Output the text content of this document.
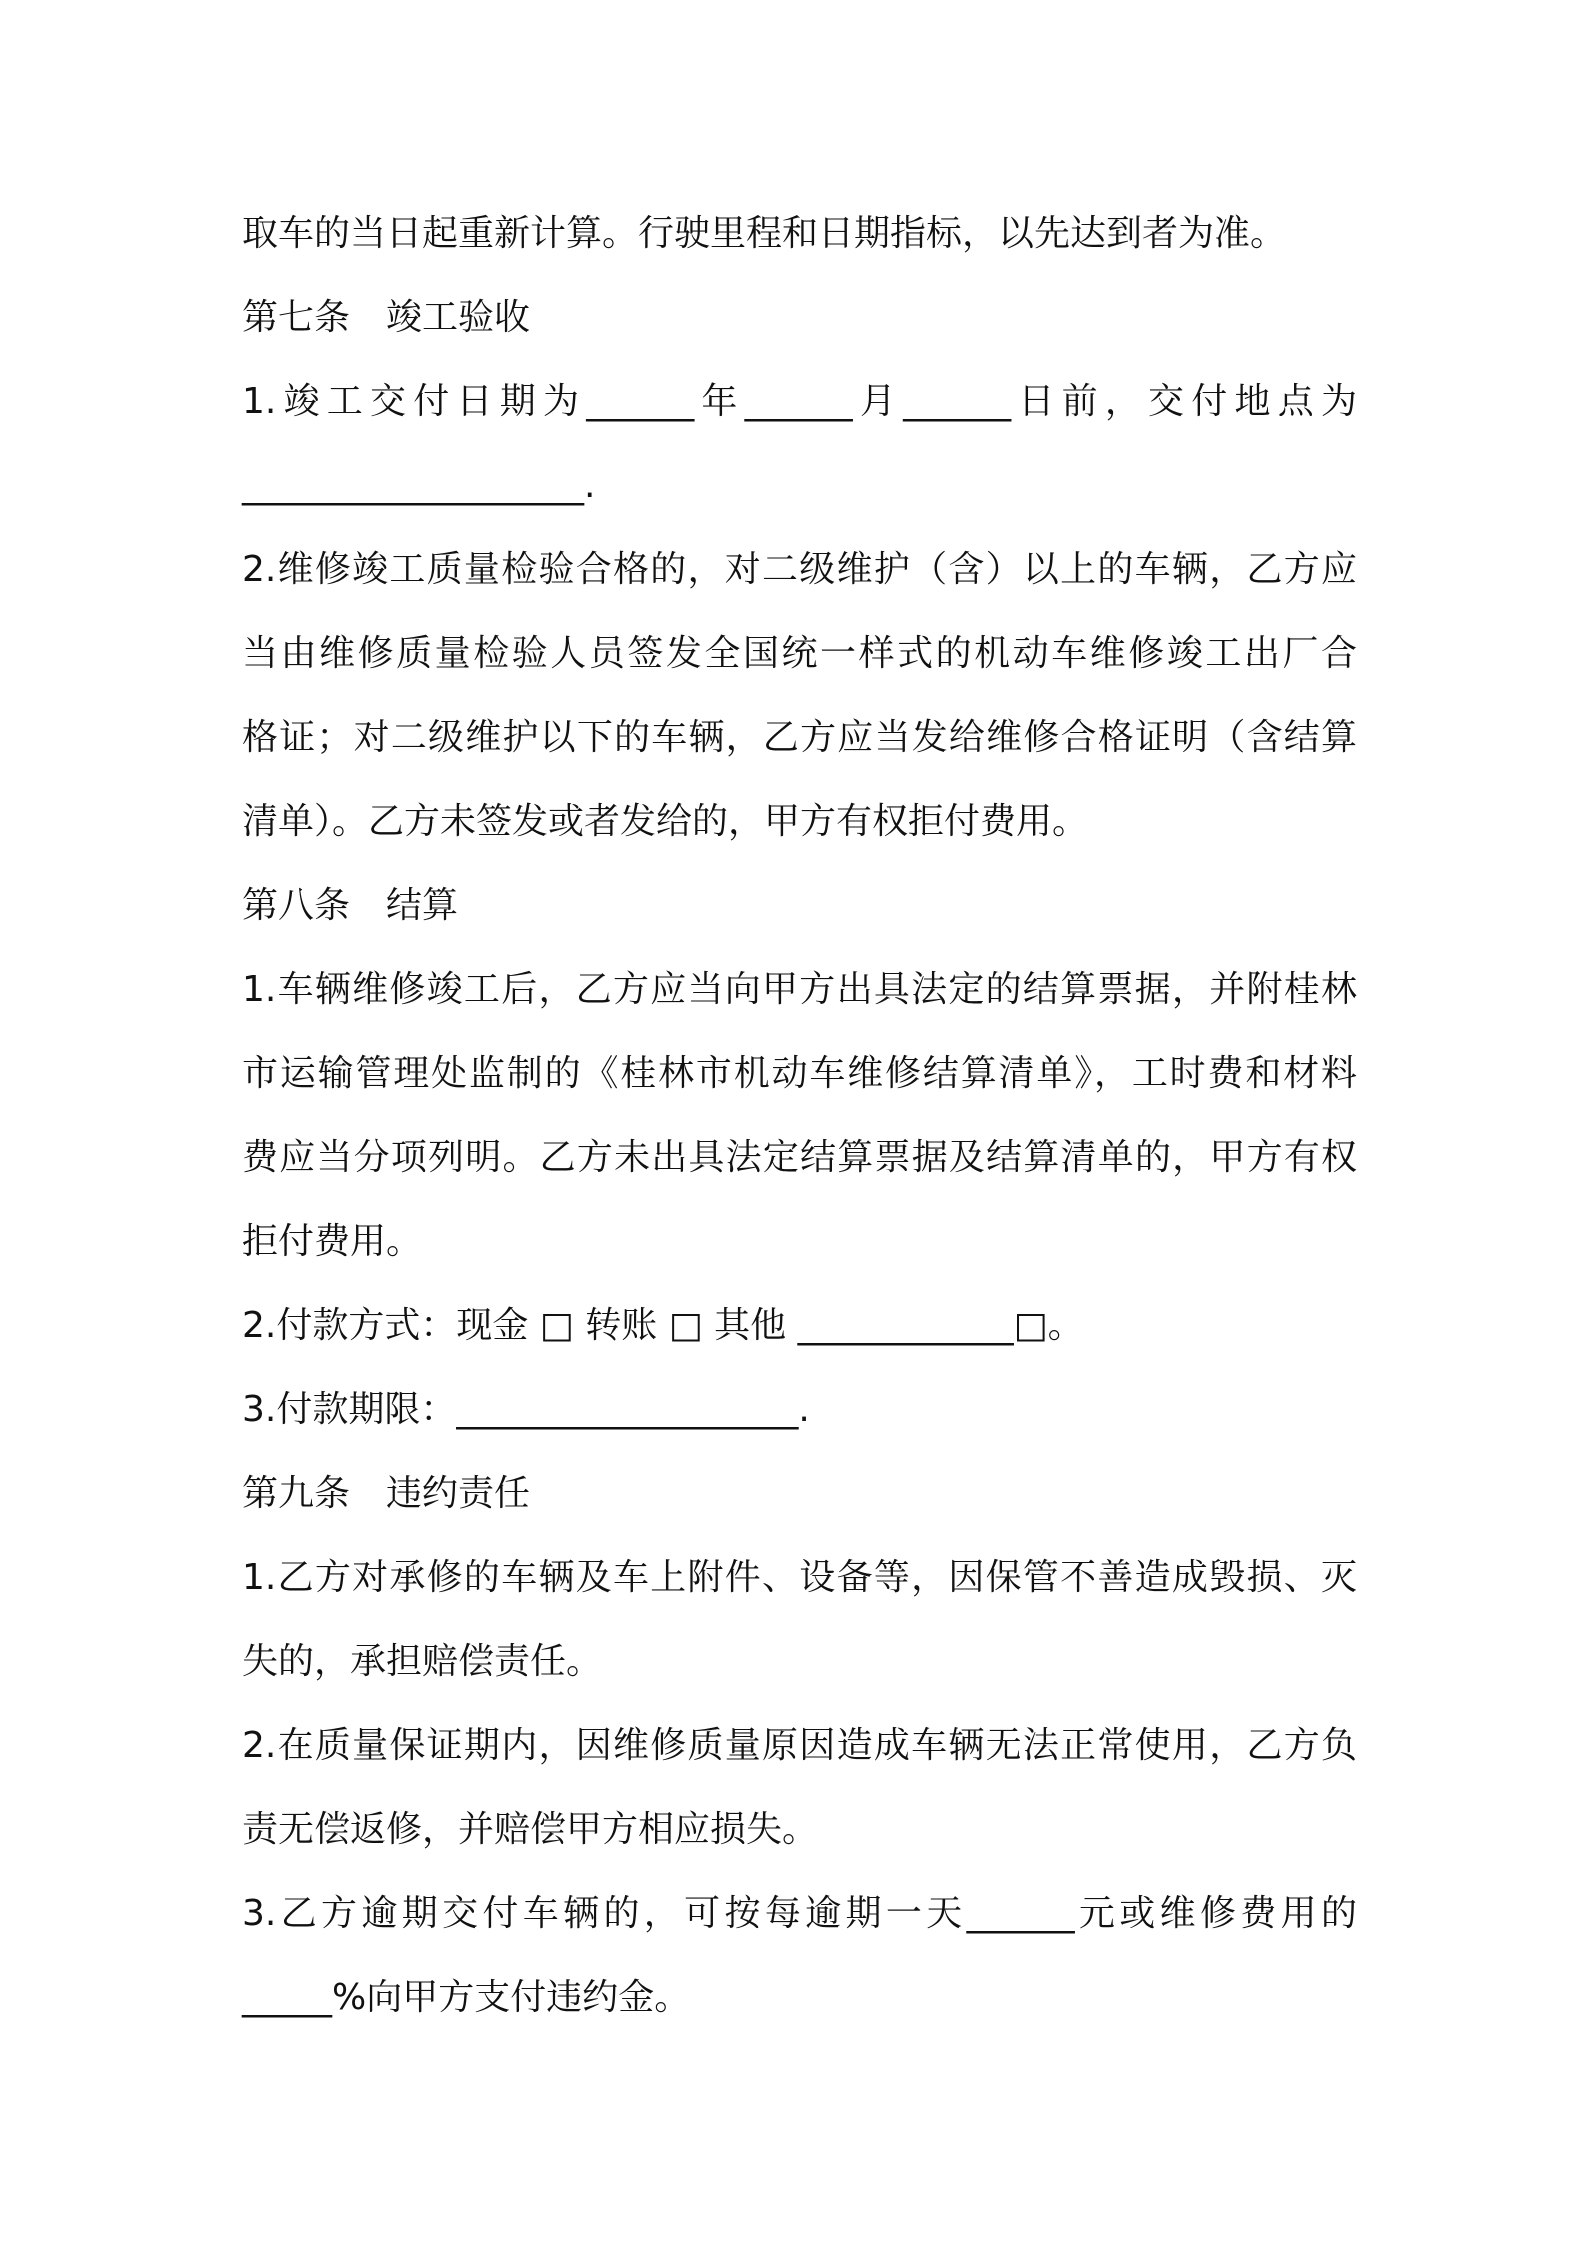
取车的当日起重新计算。行驶里程和日期指标，以先达到者为准。
第七条　竣工验收
1.竣工交付日期为______年______月______日前，交付地点为
___________________.
2.维修竣工质量检验合格的，对二级维护（含）以上的车辆，乙方应
当由维修质量检验人员签发全国统一样式的机动车维修竣工出厂合
格证；对二级维护以下的车辆，乙方应当发给维修合格证明（含结算
清单）。乙方未签发或者发给的，甲方有权拒付费用。
第八条　结算
1.车辆维修竣工后，乙方应当向甲方出具法定的结算票据，并附桂林
市运输管理处监制的《桂林市机动车维修结算清单》，工时费和材料
费应当分项列明。乙方未出具法定结算票据及结算清单的，甲方有权
拒付费用。
2.付款方式：现金 □ 转账 □ 其他 ____________□。
3.付款期限：___________________.
第九条　违约责任
1.乙方对承修的车辆及车上附件、设备等，因保管不善造成毁损、灭
失的，承担赔偿责任。
2.在质量保证期内，因维修质量原因造成车辆无法正常使用，乙方负
责无偿返修，并赔偿甲方相应损失。
3.乙方逾期交付车辆的，可按每逾期一天______元或维修费用的
_____%向甲方支付违约金。
